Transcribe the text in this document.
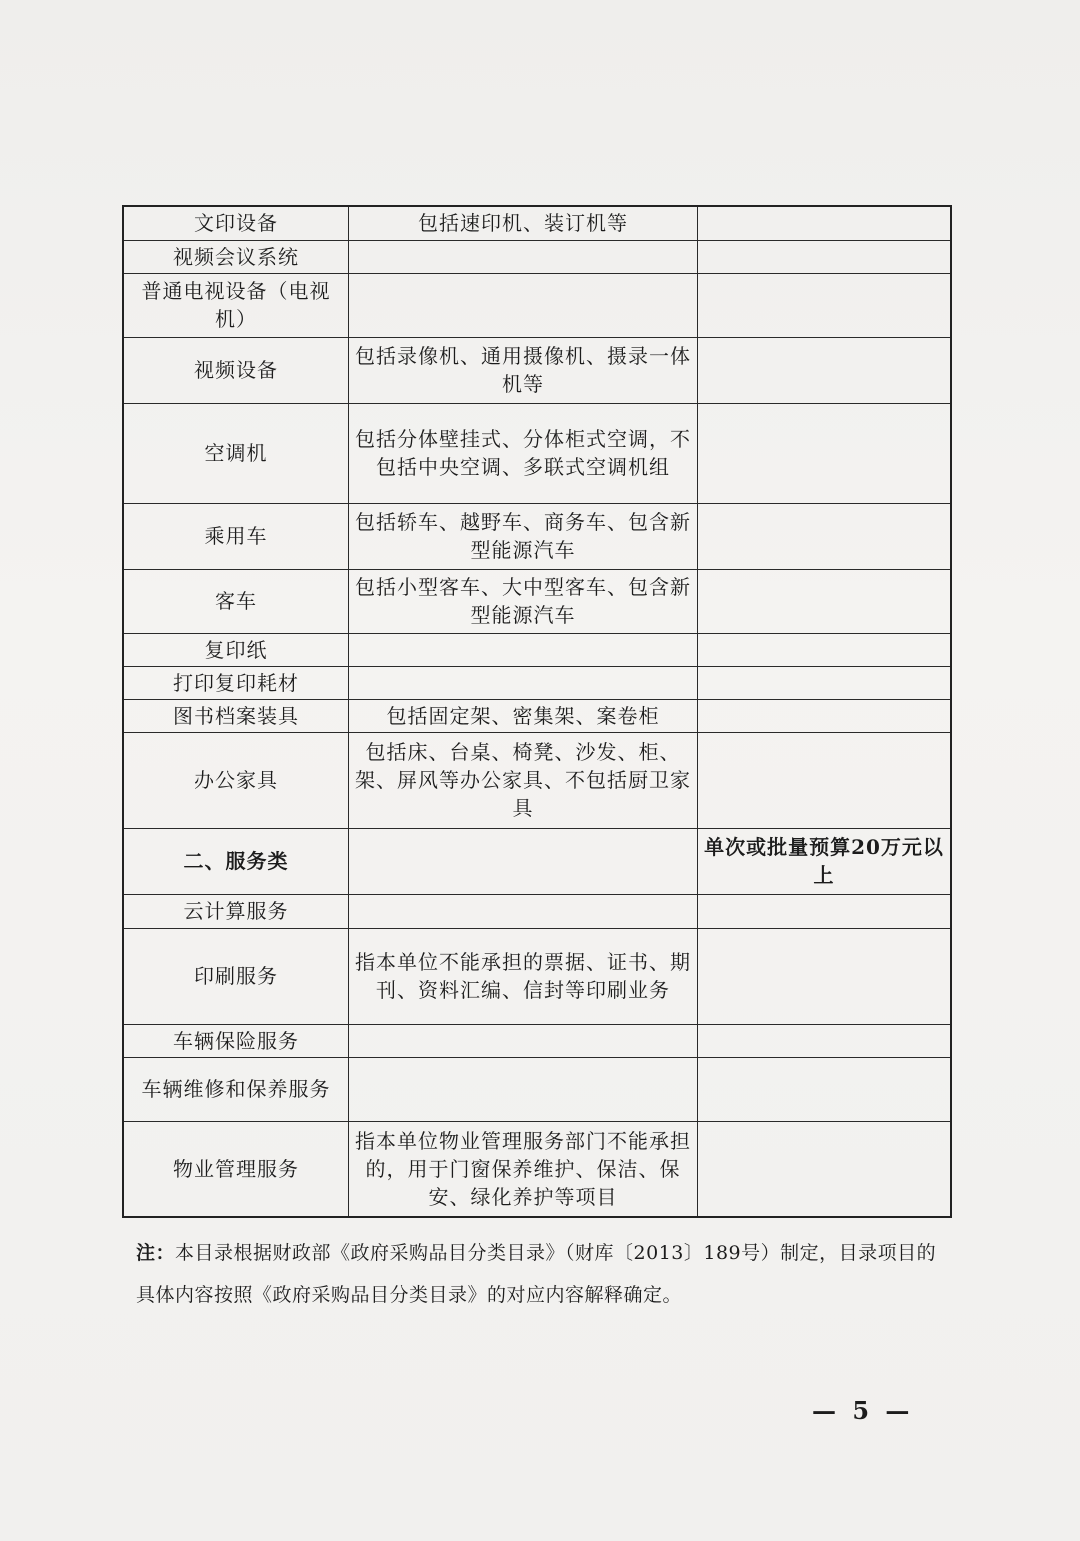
文印设备	包括速印机、装订机等	
视频会议系统		
普通电视设备（电视机）		
视频设备	包括录像机、通用摄像机、摄录一体机等	
空调机	包括分体壁挂式、分体柜式空调，不包括中央空调、多联式空调机组	
乘用车	包括轿车、越野车、商务车、包含新型能源汽车	
客车	包括小型客车、大中型客车、包含新型能源汽车	
复印纸		
打印复印耗材		
图书档案装具	包括固定架、密集架、案卷柜	
办公家具	包括床、台桌、椅凳、沙发、柜、架、屏风等办公家具、不包括厨卫家具	
二、服务类		单次或批量预算20万元以上
云计算服务		
印刷服务	指本单位不能承担的票据、证书、期刊、资料汇编、信封等印刷业务	
车辆保险服务		
车辆维修和保养服务		
物业管理服务	指本单位物业管理服务部门不能承担的，用于门窗保养维护、保洁、保安、绿化养护等项目	
注：本目录根据财政部《政府采购品目分类目录》（财库〔2013〕189号）制定，目录项目的具体内容按照《政府采购品目分类目录》的对应内容解释确定。
— 5 —
